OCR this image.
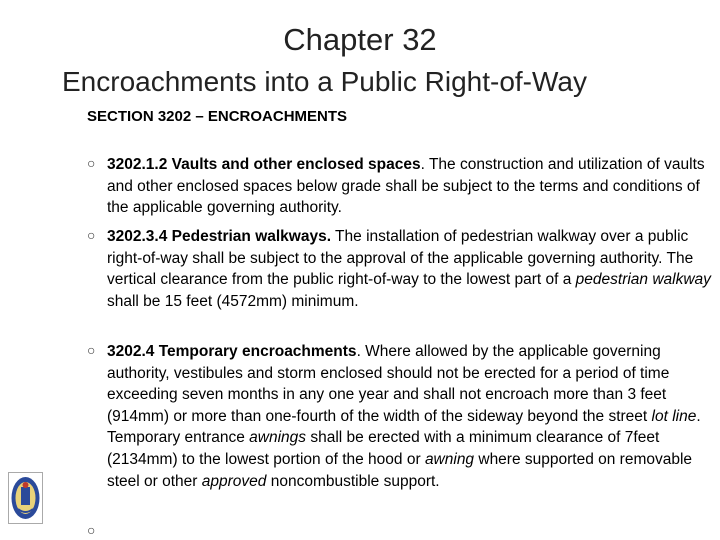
Chapter 32
Encroachments into a Public Right-of-Way
SECTION 3202 – ENCROACHMENTS
○ 3202.1.2 Vaults and other enclosed spaces. The construction and utilization of vaults and other enclosed spaces below grade shall be subject to the terms and conditions of the applicable governing authority.
○ 3202.3.4 Pedestrian walkways. The installation of pedestrian walkway over a public right-of-way shall be subject to the approval of the applicable governing authority. The vertical clearance from the public right-of-way to the lowest part of a pedestrian walkway shall be 15 feet (4572mm) minimum.
○ 3202.4 Temporary encroachments. Where allowed by the applicable governing authority, vestibules and storm enclosed should not be erected for a period of time exceeding seven months in any one year and shall not encroach more than 3 feet (914mm) or more than one-fourth of the width of the sideway beyond the street lot line. Temporary entrance awnings shall be erected with a minimum clearance of 7feet (2134mm) to the lowest portion of the hood or awning where supported on removable steel or other approved noncombustible support.
○
